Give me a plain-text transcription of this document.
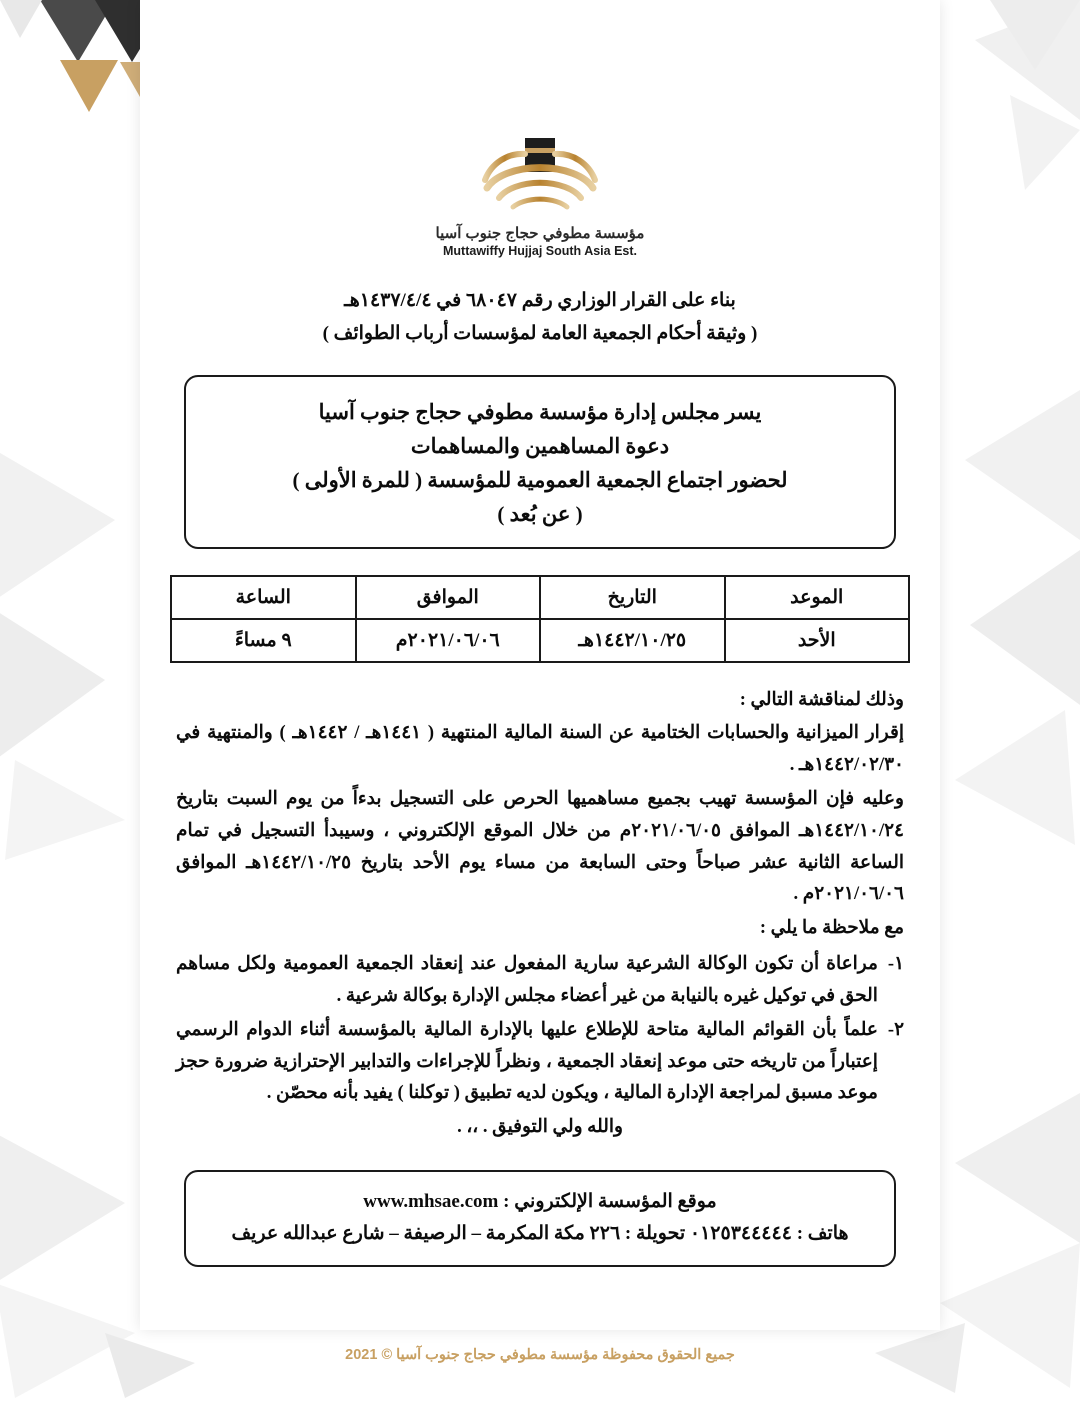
مؤسسة مطوفي حجاج جنوب آسيا
Muttawiffy Hujjaj South Asia Est.
بناء على القرار الوزاري رقم ٦٨٠٤٧ في ١٤٣٧/٤/٤هـ
( وثيقة أحكام الجمعية العامة لمؤسسات أرباب الطوائف )
يسر مجلس إدارة مؤسسة مطوفي حجاج جنوب آسيا
دعوة المساهمين والمساهمات
لحضور اجتماع الجمعية العمومية للمؤسسة ( للمرة الأولى )
( عن بُعد )
الموعد	التاريخ	الموافق	الساعة
الأحد	١٤٤٢/١٠/٢٥هـ	٢٠٢١/٠٦/٠٦م	٩ مساءً

وذلك لمناقشة التالي :

إقرار الميزانية والحسابات الختامية عن السنة المالية المنتهية ( ١٤٤١هـ / ١٤٤٢هـ ) والمنتهية في ١٤٤٢/٠٢/٣٠هـ .

وعليه فإن المؤسسة تهيب بجميع مساهميها الحرص على التسجيل بدءاً من يوم السبت بتاريخ ١٤٤٢/١٠/٢٤هـ الموافق ٢٠٢١/٠٦/٠٥م من خلال الموقع الإلكتروني ، وسيبدأ التسجيل في تمام الساعة الثانية عشر صباحاً وحتى السابعة من مساء يوم الأحد بتاريخ ١٤٤٢/١٠/٢٥هـ الموافق ٢٠٢١/٠٦/٠٦م .

مع ملاحظة ما يلي :

١-
مراعاة أن تكون الوكالة الشرعية سارية المفعول عند إنعقاد الجمعية العمومية ولكل مساهم الحق في توكيل غيره بالنيابة من غير أعضاء مجلس الإدارة بوكالة شرعية .
٢-
علماً بأن القوائم المالية متاحة للإطلاع عليها بالإدارة المالية بالمؤسسة أثناء الدوام الرسمي إعتباراً من تاريخه حتى موعد إنعقاد الجمعية ، ونظراً للإجراءات والتدابير الإحترازية ضرورة حجز موعد مسبق لمراجعة الإدارة المالية ، ويكون لديه تطبيق ( توكلنا ) يفيد بأنه محصّن .

والله ولي التوفيق . ،، .

موقع المؤسسة الإلكتروني : www.mhsae.com
هاتف : ٠١٢٥٣٤٤٤٤٤ تحويلة : ٢٢٦ مكة المكرمة – الرصيفة – شارع عبدالله عريف
جميع الحقوق محفوظة مؤسسة مطوفي حجاج جنوب آسيا © 2021
